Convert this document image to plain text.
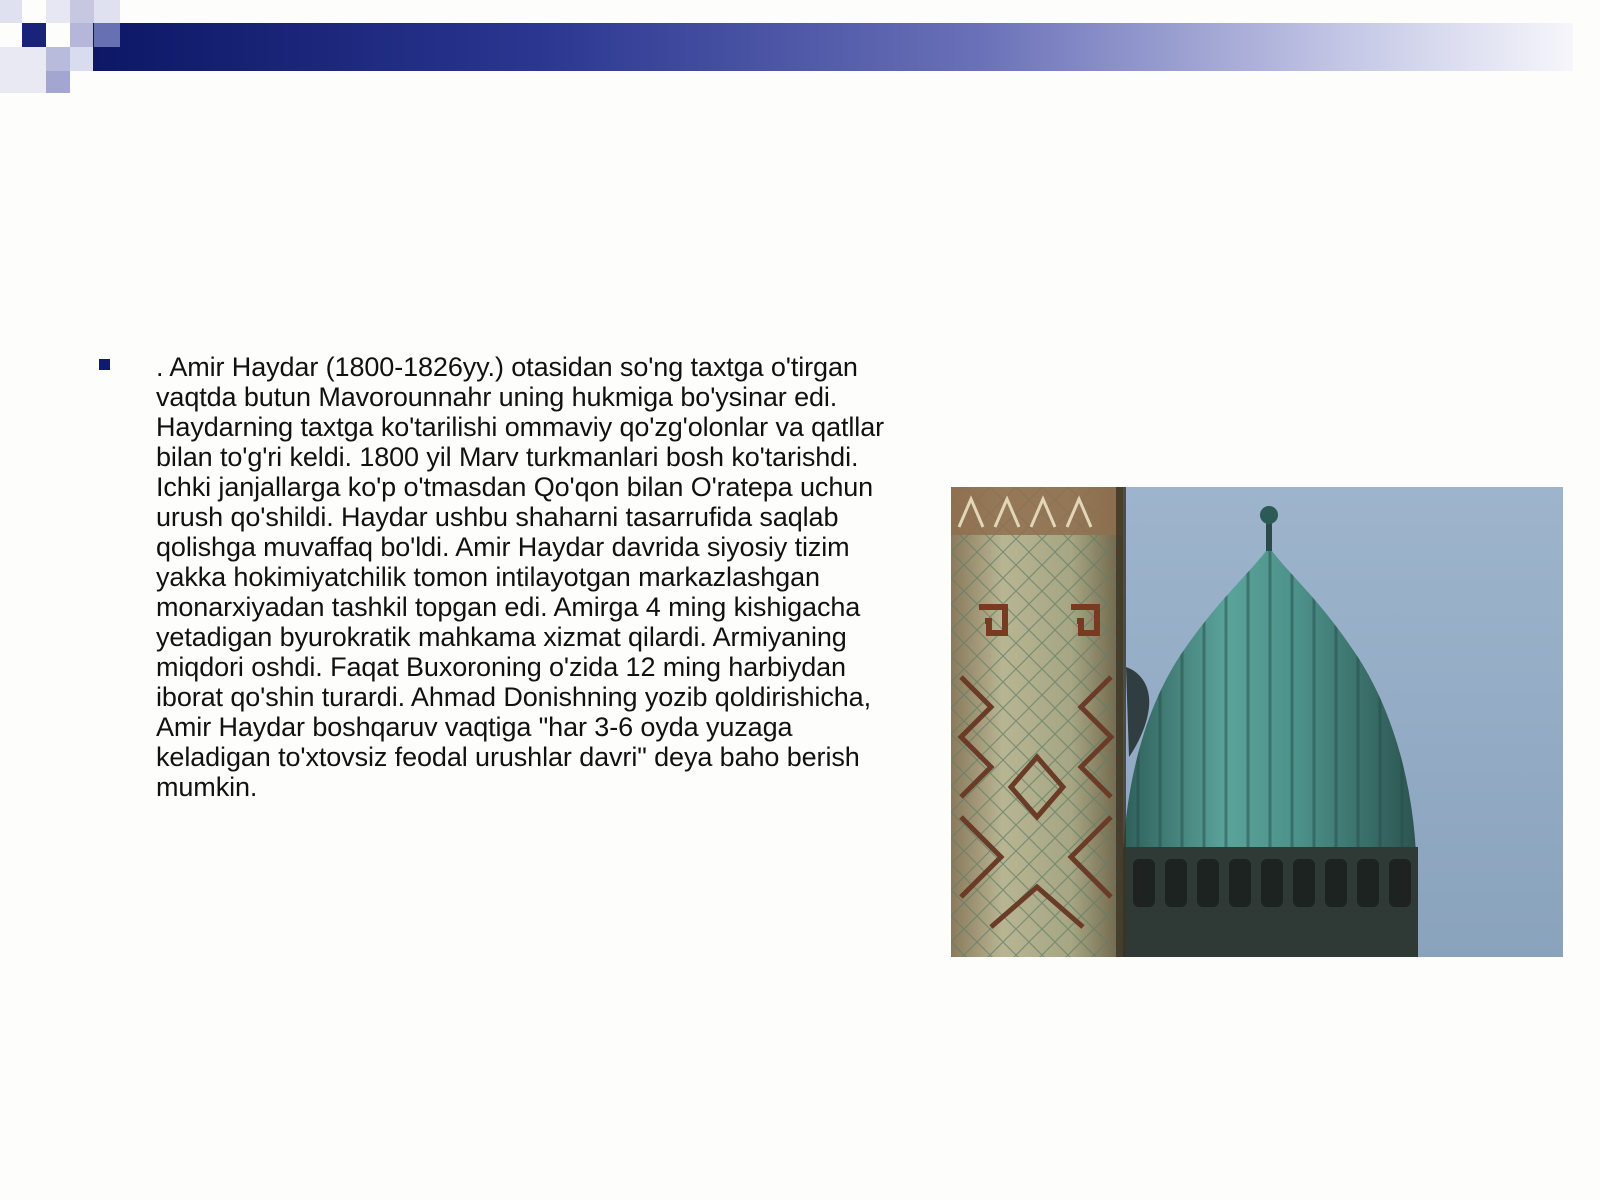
. Amir Haydar (1800-1826yy.) otasidan so'ng taxtga o'tirgan vaqtda butun Mavorounnahr uning hukmiga bo'ysinar edi. Haydarning taxtga ko'tarilishi ommaviy qo'zg'olonlar va qatllar bilan to'g'ri keldi. 1800 yil Marv turkmanlari bosh ko'tarishdi. Ichki janjallarga ko'p o'tmasdan Qo'qon bilan O'ratepa uchun urush qo'shildi. Haydar ushbu shaharni tasarrufida saqlab qolishga muvaffaq bo'ldi. Amir Haydar davrida siyosiy tizim yakka hokimiyatchilik tomon intilayotgan markazlashgan monarxiyadan tashkil topgan edi. Amirga 4 ming kishigacha yetadigan byurokratik mahkama xizmat qilardi. Armiyaning miqdori oshdi. Faqat Buxoroning o'zida 12 ming harbiydan iborat qo'shin turardi. Ahmad Donishning yozib qoldirishicha, Amir Haydar boshqaruv vaqtiga "har 3-6 oyda yuzaga keladigan to'xtovsiz feodal urushlar davri" deya baho berish mumkin.
